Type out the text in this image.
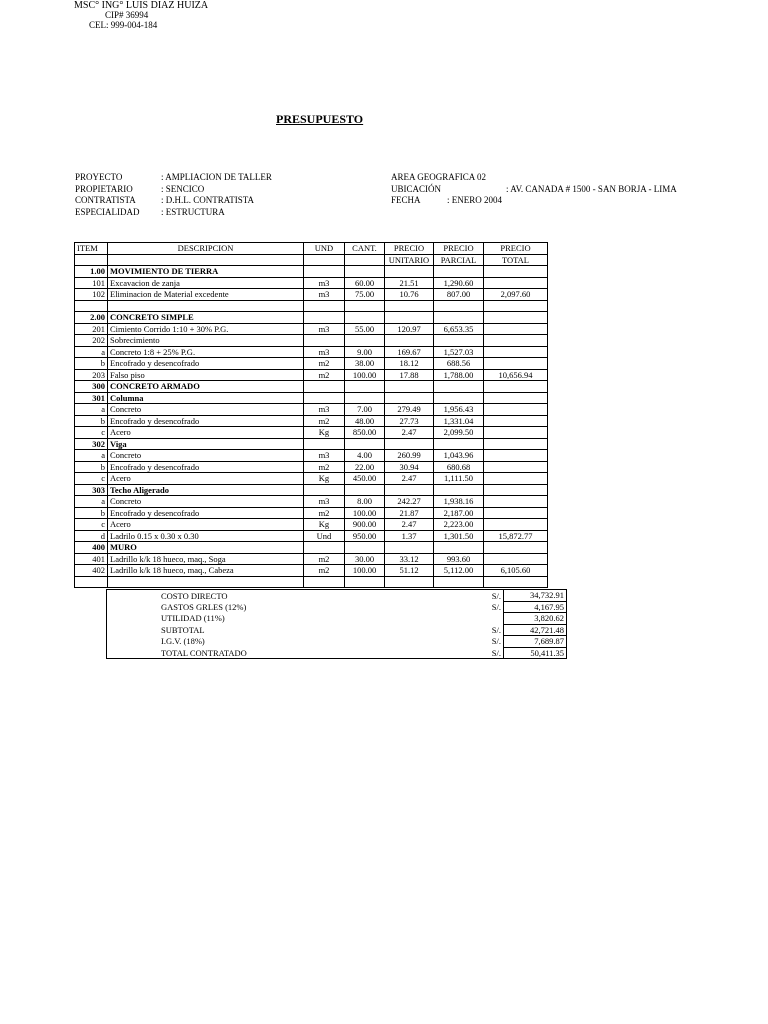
MSC° ING° LUIS DIAZ HUIZA
CIP# 36994
CEL: 999-004-184
PRESUPUESTO
PROYECTO	: AMPLIACION DE TALLER
PROPIETARIO	: SENCICO
CONTRATISTA	: D.H.L. CONTRATISTA
ESPECIALIDAD : ESTRUCTURA
AREA GEOGRAFICA 02
UBICACIÓN	: AV. CANADA # 1500 - SAN BORJA - LIMA
FECHA	: ENERO 2004
ITEM	DESCRIPCION	UND	CANT.	PRECIO	PRECIO	PRECIO
				UNITARIO	PARCIAL	TOTAL
1.00	MOVIMIENTO DE TIERRA					
101	Excavacion de zanja	m3	60.00	21.51	1,290.60	
102	Eliminacion de Material excedente	m3	75.00	10.76	807.00	2,097.60

2.00	CONCRETO SIMPLE					
201	Cimiento Corrido 1:10 + 30% P.G.	m3	55.00	120.97	6,653.35	
202	Sobrecimiento					
a	Concreto 1:8 + 25% P.G.	m3	9.00	169.67	1,527.03	
b	Encofrado y desencofrado	m2	38.00	18.12	688.56	
203	Falso piso	m2	100.00	17.88	1,788.00	10,656.94
300	CONCRETO ARMADO					
301	Columna					
a	Concreto	m3	7.00	279.49	1,956.43	
b	Encofrado y desencofrado	m2	48.00	27.73	1,331.04	
c	Acero	Kg	850.00	2.47	2,099.50	
302	Viga					
a	Concreto	m3	4.00	260.99	1,043.96	
b	Encofrado y desencofrado	m2	22.00	30.94	680.68	
c	Acero	Kg	450.00	2.47	1,111.50	
303	Techo Aligerado					
a	Concreto	m3	8.00	242.27	1,938.16	
b	Encofrado y desencofrado	m2	100.00	21.87	2,187.00	
c	Acero	Kg	900.00	2.47	2,223.00	
d	Ladrilo 0.15 x 0.30 x 0.30	Und	950.00	1.37	1,301.50	15,872.77
400	MURO					
401	Ladrillo k/k 18 hueco, maq., Soga	m2	30.00	33.12	993.60	
402	Ladrillo k/k 18 hueco, maq., Cabeza	m2	100.00	51.12	5,112.00	6,105.60

COSTO DIRECTO	S/.	34,732.91
GASTOS GRLES (12%)	S/.	4,167.95
UTILIDAD (11%)		3,820.62
SUBTOTAL	S/.	42,721.48
I.G.V. (18%)	S/.	7,689.87
TOTAL CONTRATADO	S/.	50,411.35
